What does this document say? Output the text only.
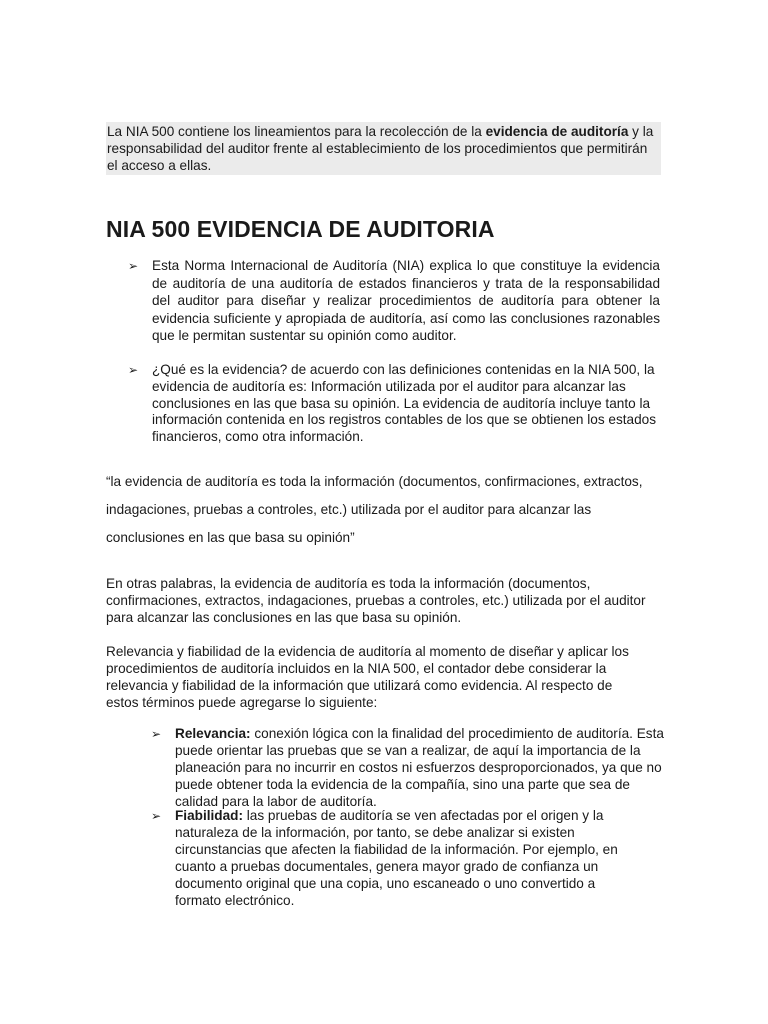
La NIA 500 contiene los lineamientos para la recolección de la evidencia de auditoría y la responsabilidad del auditor frente al establecimiento de los procedimientos que permitirán el acceso a ellas.
NIA 500 EVIDENCIA DE AUDITORIA
➢ Esta Norma Internacional de Auditoría (NIA) explica lo que constituye la evidencia de auditoría de una auditoría de estados financieros y trata de la responsabilidad del auditor para diseñar y realizar procedimientos de auditoría para obtener la evidencia suficiente y apropiada de auditoría, así como las conclusiones razonables que le permitan sustentar su opinión como auditor.
➢ ¿Qué es la evidencia? de acuerdo con las definiciones contenidas en la NIA 500, la evidencia de auditoría es: Información utilizada por el auditor para alcanzar las conclusiones en las que basa su opinión. La evidencia de auditoría incluye tanto la información contenida en los registros contables de los que se obtienen los estados financieros, como otra información.
“la evidencia de auditoría es toda la información (documentos, confirmaciones, extractos, indagaciones, pruebas a controles, etc.) utilizada por el auditor para alcanzar las conclusiones en las que basa su opinión”
En otras palabras, la evidencia de auditoría es toda la información (documentos, confirmaciones, extractos, indagaciones, pruebas a controles, etc.) utilizada por el auditor para alcanzar las conclusiones en las que basa su opinión.
Relevancia y fiabilidad de la evidencia de auditoría al momento de diseñar y aplicar los procedimientos de auditoría incluidos en la NIA 500, el contador debe considerar la relevancia y fiabilidad de la información que utilizará como evidencia. Al respecto de estos términos puede agregarse lo siguiente:
➢ Relevancia: conexión lógica con la finalidad del procedimiento de auditoría. Esta puede orientar las pruebas que se van a realizar, de aquí la importancia de la planeación para no incurrir en costos ni esfuerzos desproporcionados, ya que no puede obtener toda la evidencia de la compañía, sino una parte que sea de calidad para la labor de auditoría.
➢ Fiabilidad: las pruebas de auditoría se ven afectadas por el origen y la naturaleza de la información, por tanto, se debe analizar si existen circunstancias que afecten la fiabilidad de la información. Por ejemplo, en cuanto a pruebas documentales, genera mayor grado de confianza un documento original que una copia, uno escaneado o uno convertido a formato electrónico.
